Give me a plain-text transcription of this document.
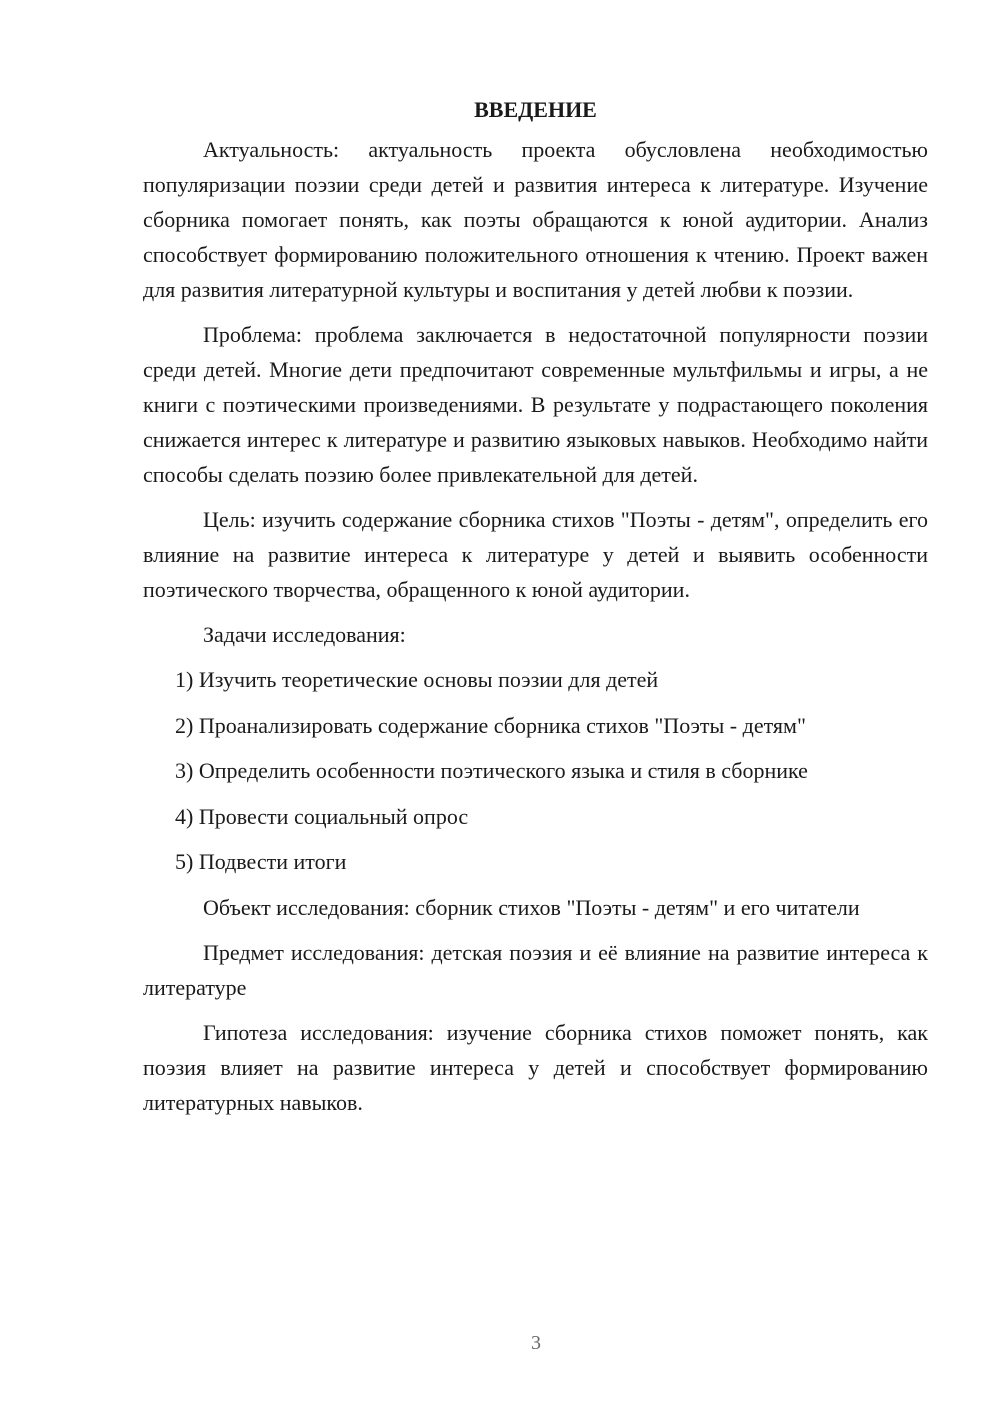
ВВЕДЕНИЕ

Актуальность: актуальность проекта обусловлена необходимостью популяризации поэзии среди детей и развития интереса к литературе. Изучение сборника помогает понять, как поэты обращаются к юной аудитории. Анализ способствует формированию положительного отношения к чтению. Проект важен для развития литературной культуры и воспитания у детей любви к поэзии.

Проблема: проблема заключается в недостаточной популярности поэзии среди детей. Многие дети предпочитают современные мультфильмы и игры, а не книги с поэтическими произведениями. В результате у подрастающего поколения снижается интерес к литературе и развитию языковых навыков. Необходимо найти способы сделать поэзию более привлекательной для детей.

Цель: изучить содержание сборника стихов "Поэты - детям", определить его влияние на развитие интереса к литературе у детей и выявить особенности поэтического творчества, обращенного к юной аудитории.

Задачи исследования:

1) Изучить теоретические основы поэзии для детей
2) Проанализировать содержание сборника стихов "Поэты - детям"
3) Определить особенности поэтического языка и стиля в сборнике
4) Провести социальный опрос
5) Подвести итоги

Объект исследования: сборник стихов "Поэты - детям" и его читатели

Предмет исследования: детская поэзия и её влияние на развитие интереса к литературе

Гипотеза исследования: изучение сборника стихов поможет понять, как поэзия влияет на развитие интереса у детей и способствует формированию литературных навыков.

3
